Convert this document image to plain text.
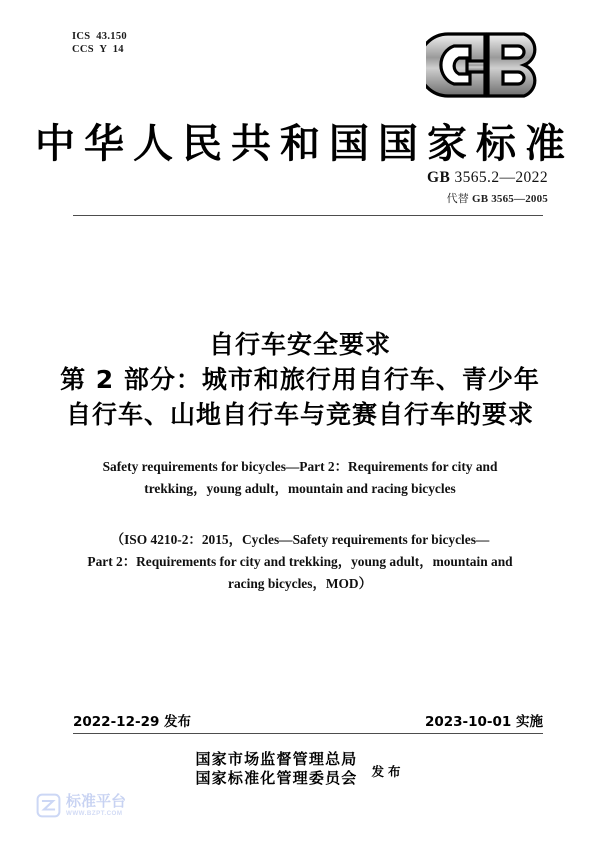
ICS  43.150
CCS  Y  14
中华人民共和国国家标准
GB 3565.2—2022
代替 GB 3565—2005
自行车安全要求
第 2 部分：城市和旅行用自行车、青少年
自行车、山地自行车与竞赛自行车的要求
Safety requirements for bicycles—Part 2：Requirements for city and
trekking，young adult，mountain and racing bicycles
（ISO 4210-2：2015，Cycles—Safety requirements for bicycles—
Part 2：Requirements for city and trekking，young adult，mountain and
racing bicycles，MOD）
2022-12-29 发布	2023-10-01 实施
国家市场监督管理总局
国家标准化管理委员会 发布
标准平台
WWW.BZPT.COM
